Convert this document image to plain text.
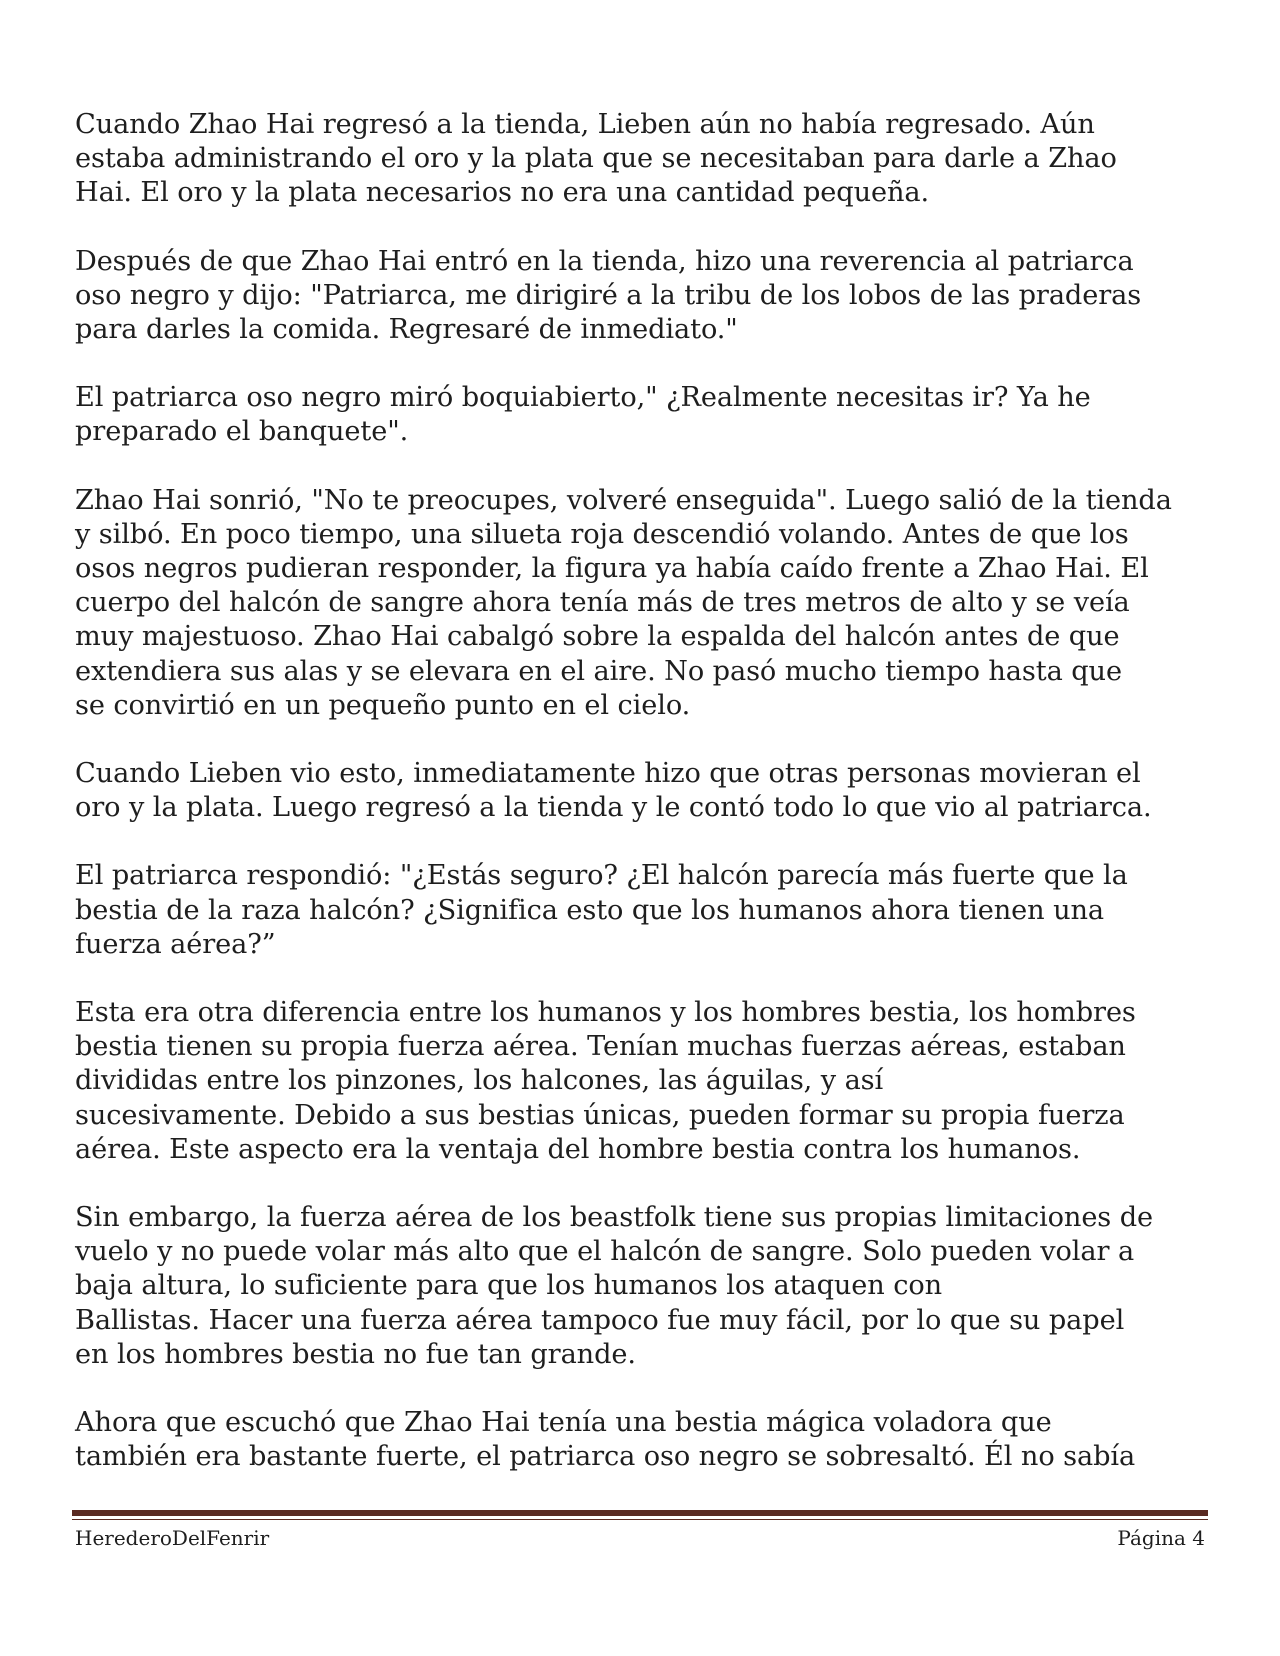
Cuando Zhao Hai regresó a la tienda, Lieben aún no había regresado. Aún
estaba administrando el oro y la plata que se necesitaban para darle a Zhao
Hai. El oro y la plata necesarios no era una cantidad pequeña.

Después de que Zhao Hai entró en la tienda, hizo una reverencia al patriarca
oso negro y dijo: "Patriarca, me dirigiré a la tribu de los lobos de las praderas
para darles la comida. Regresaré de inmediato."

El patriarca oso negro miró boquiabierto," ¿Realmente necesitas ir? Ya he
preparado el banquete".

Zhao Hai sonrió, "No te preocupes, volveré enseguida". Luego salió de la tienda
y silbó. En poco tiempo, una silueta roja descendió volando. Antes de que los
osos negros pudieran responder, la figura ya había caído frente a Zhao Hai. El
cuerpo del halcón de sangre ahora tenía más de tres metros de alto y se veía
muy majestuoso. Zhao Hai cabalgó sobre la espalda del halcón antes de que
extendiera sus alas y se elevara en el aire. No pasó mucho tiempo hasta que
se convirtió en un pequeño punto en el cielo.

Cuando Lieben vio esto, inmediatamente hizo que otras personas movieran el
oro y la plata. Luego regresó a la tienda y le contó todo lo que vio al patriarca.

El patriarca respondió: "¿Estás seguro? ¿El halcón parecía más fuerte que la
bestia de la raza halcón? ¿Significa esto que los humanos ahora tienen una
fuerza aérea?”

Esta era otra diferencia entre los humanos y los hombres bestia, los hombres
bestia tienen su propia fuerza aérea. Tenían muchas fuerzas aéreas, estaban
divididas entre los pinzones, los halcones, las águilas, y así
sucesivamente. Debido a sus bestias únicas, pueden formar su propia fuerza
aérea. Este aspecto era la ventaja del hombre bestia contra los humanos.

Sin embargo, la fuerza aérea de los beastfolk tiene sus propias limitaciones de
vuelo y no puede volar más alto que el halcón de sangre. Solo pueden volar a
baja altura, lo suficiente para que los humanos los ataquen con
Ballistas. Hacer una fuerza aérea tampoco fue muy fácil, por lo que su papel
en los hombres bestia no fue tan grande.

Ahora que escuchó que Zhao Hai tenía una bestia mágica voladora que
también era bastante fuerte, el patriarca oso negro se sobresaltó. Él no sabía

HerederoDelFenrir	Página 4
